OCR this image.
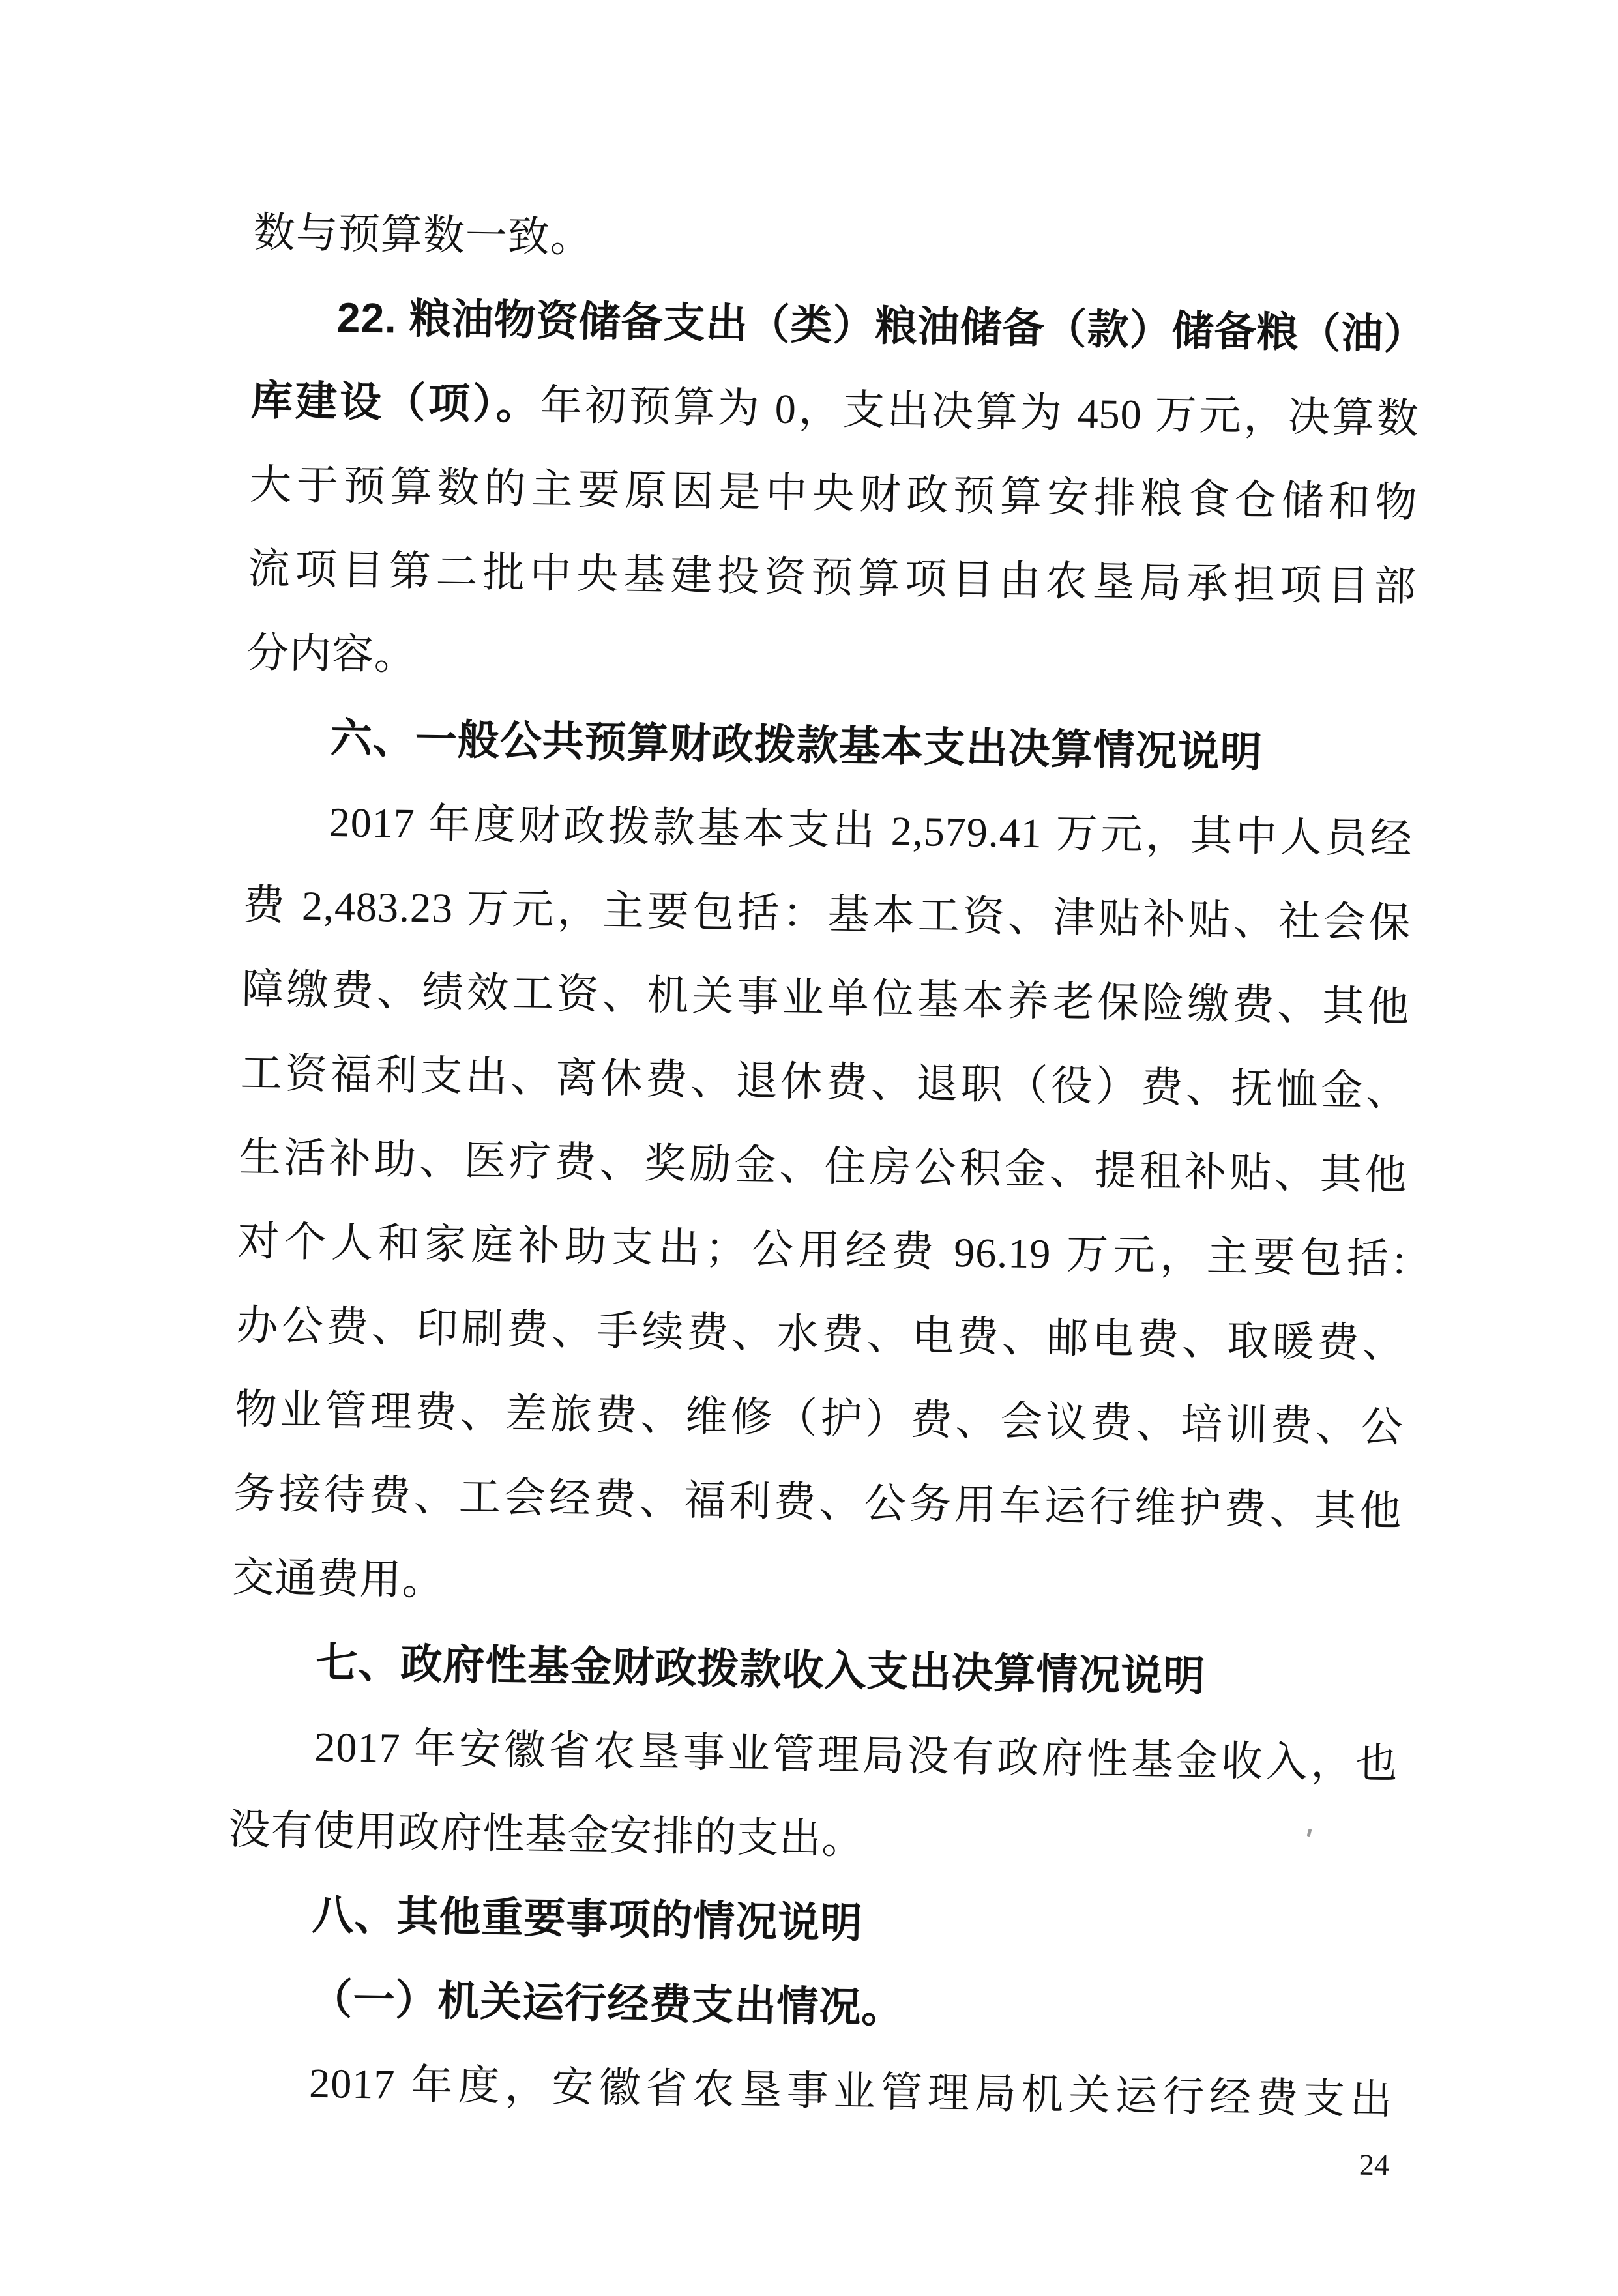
数与预算数一致。
22. 粮油物资储备支出（类）粮油储备（款）储备粮（油）
库建设（项）。年初预算为 0，支出决算为 450 万元，决算数
大于预算数的主要原因是中央财政预算安排粮食仓储和物
流项目第二批中央基建投资预算项目由农垦局承担项目部
分内容。
六、一般公共预算财政拨款基本支出决算情况说明
2017 年度财政拨款基本支出 2,579.41 万元，其中人员经
费 2,483.23 万元，主要包括：基本工资、津贴补贴、社会保
障缴费、绩效工资、机关事业单位基本养老保险缴费、其他
工资福利支出、离休费、退休费、退职（役）费、抚恤金、
生活补助、医疗费、奖励金、住房公积金、提租补贴、其他
对个人和家庭补助支出；公用经费 96.19 万元，主要包括:
办公费、印刷费、手续费、水费、电费、邮电费、取暖费、
物业管理费、差旅费、维修（护）费、会议费、培训费、公
务接待费、工会经费、福利费、公务用车运行维护费、其他
交通费用。
七、政府性基金财政拨款收入支出决算情况说明
2017 年安徽省农垦事业管理局没有政府性基金收入，也
没有使用政府性基金安排的支出。
八、其他重要事项的情况说明
（一）机关运行经费支出情况。
2017 年度，安徽省农垦事业管理局机关运行经费支出
24
